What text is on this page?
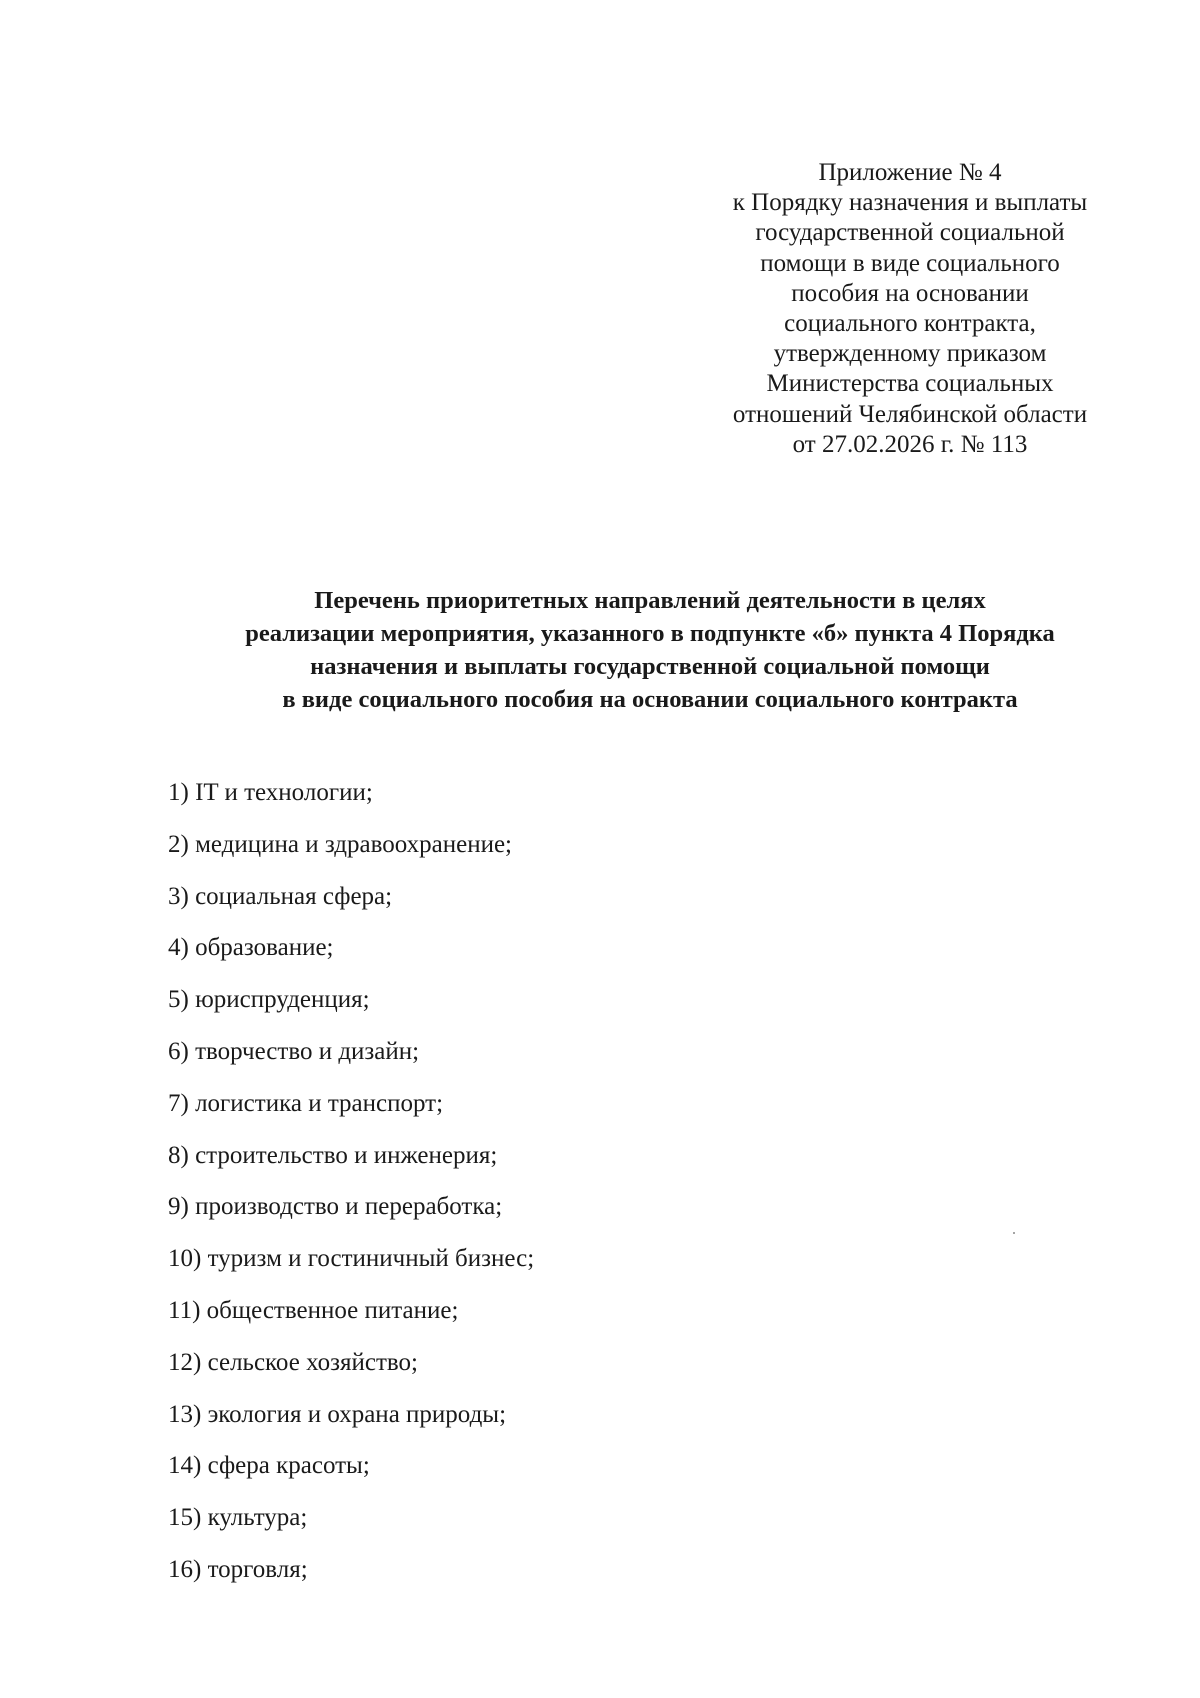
Приложение № 4
к Порядку назначения и выплаты
государственной социальной
помощи в виде социального
пособия на основании
социального контракта,
утвержденному приказом
Министерства социальных
отношений Челябинской области
от 27.02.2026 г. № 113
Перечень приоритетных направлений деятельности в целях
реализации мероприятия, указанного в подпункте «б» пункта 4 Порядка
назначения и выплаты государственной социальной помощи
в виде социального пособия на основании социального контракта
1) IT и технологии;
2) медицина и здравоохранение;
3) социальная сфера;
4) образование;
5) юриспруденция;
6) творчество и дизайн;
7) логистика и транспорт;
8) строительство и инженерия;
9) производство и переработка;
10) туризм и гостиничный бизнес;
11) общественное питание;
12) сельское хозяйство;
13) экология и охрана природы;
14) сфера красоты;
15) культура;
16) торговля;
